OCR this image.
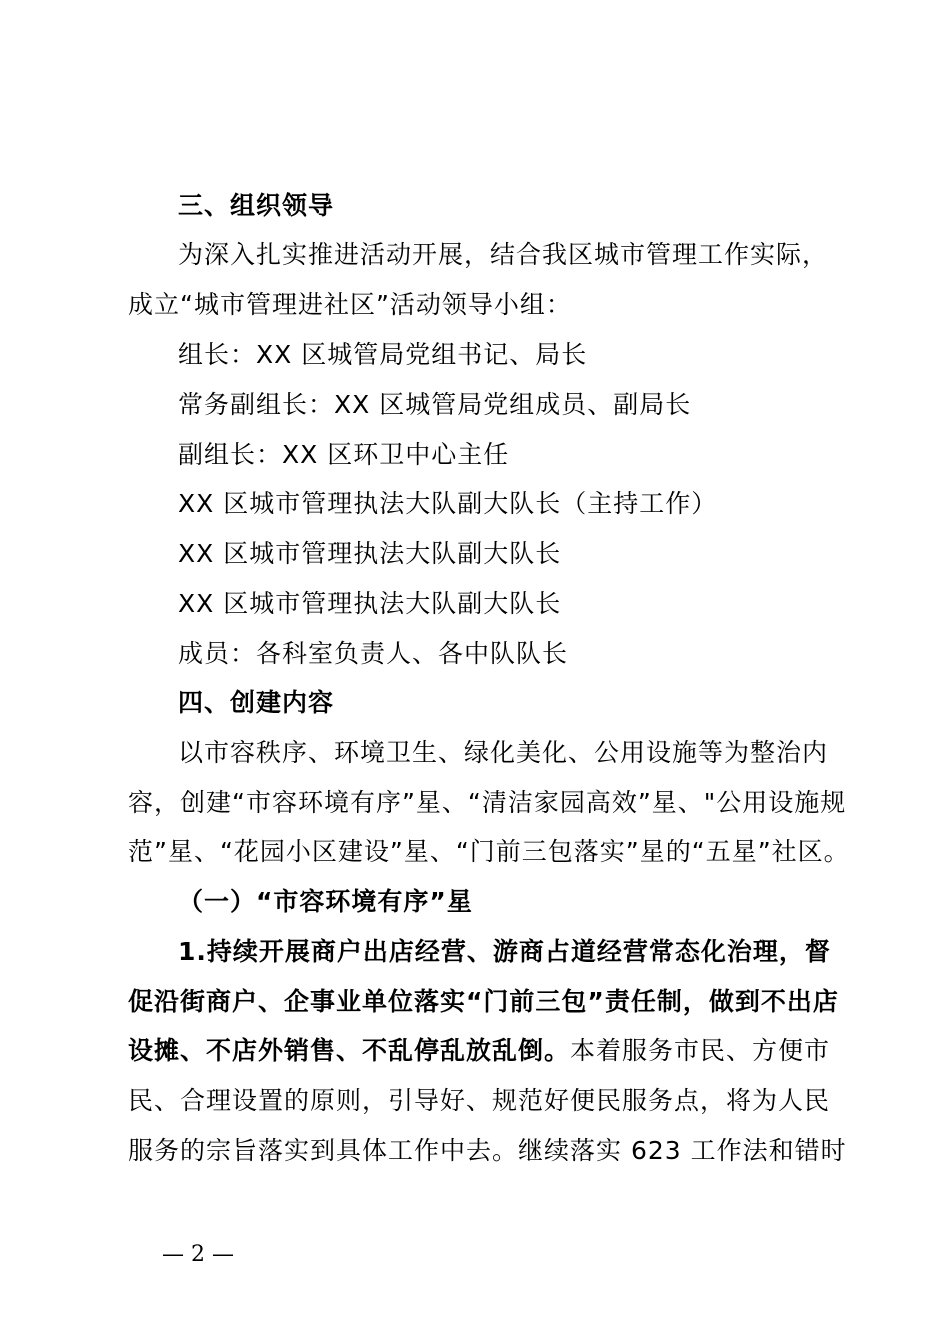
三、组织领导
为深入扎实推进活动开展，结合我区城市管理工作实际，
成立“城市管理进社区”活动领导小组：
组长：XX 区城管局党组书记、局长
常务副组长：XX 区城管局党组成员、副局长
副组长：XX 区环卫中心主任
XX 区城市管理执法大队副大队长（主持工作）
XX 区城市管理执法大队副大队长
XX 区城市管理执法大队副大队长
成员：各科室负责人、各中队队长
四、创建内容
以市容秩序、环境卫生、绿化美化、公用设施等为整治内
容，创建“市容环境有序”星、“清洁家园高效”星、"公用设施规
范”星、“花园小区建设”星、“门前三包落实”星的“五星”社区。
（一）“市容环境有序”星
1.持续开展商户出店经营、游商占道经营常态化治理，督
促沿街商户、企事业单位落实“门前三包”责任制，做到不出店
设摊、不店外销售、不乱停乱放乱倒。本着服务市民、方便市
民、合理设置的原则，引导好、规范好便民服务点，将为人民
服务的宗旨落实到具体工作中去。继续落实 623 工作法和错时
— 2 —
